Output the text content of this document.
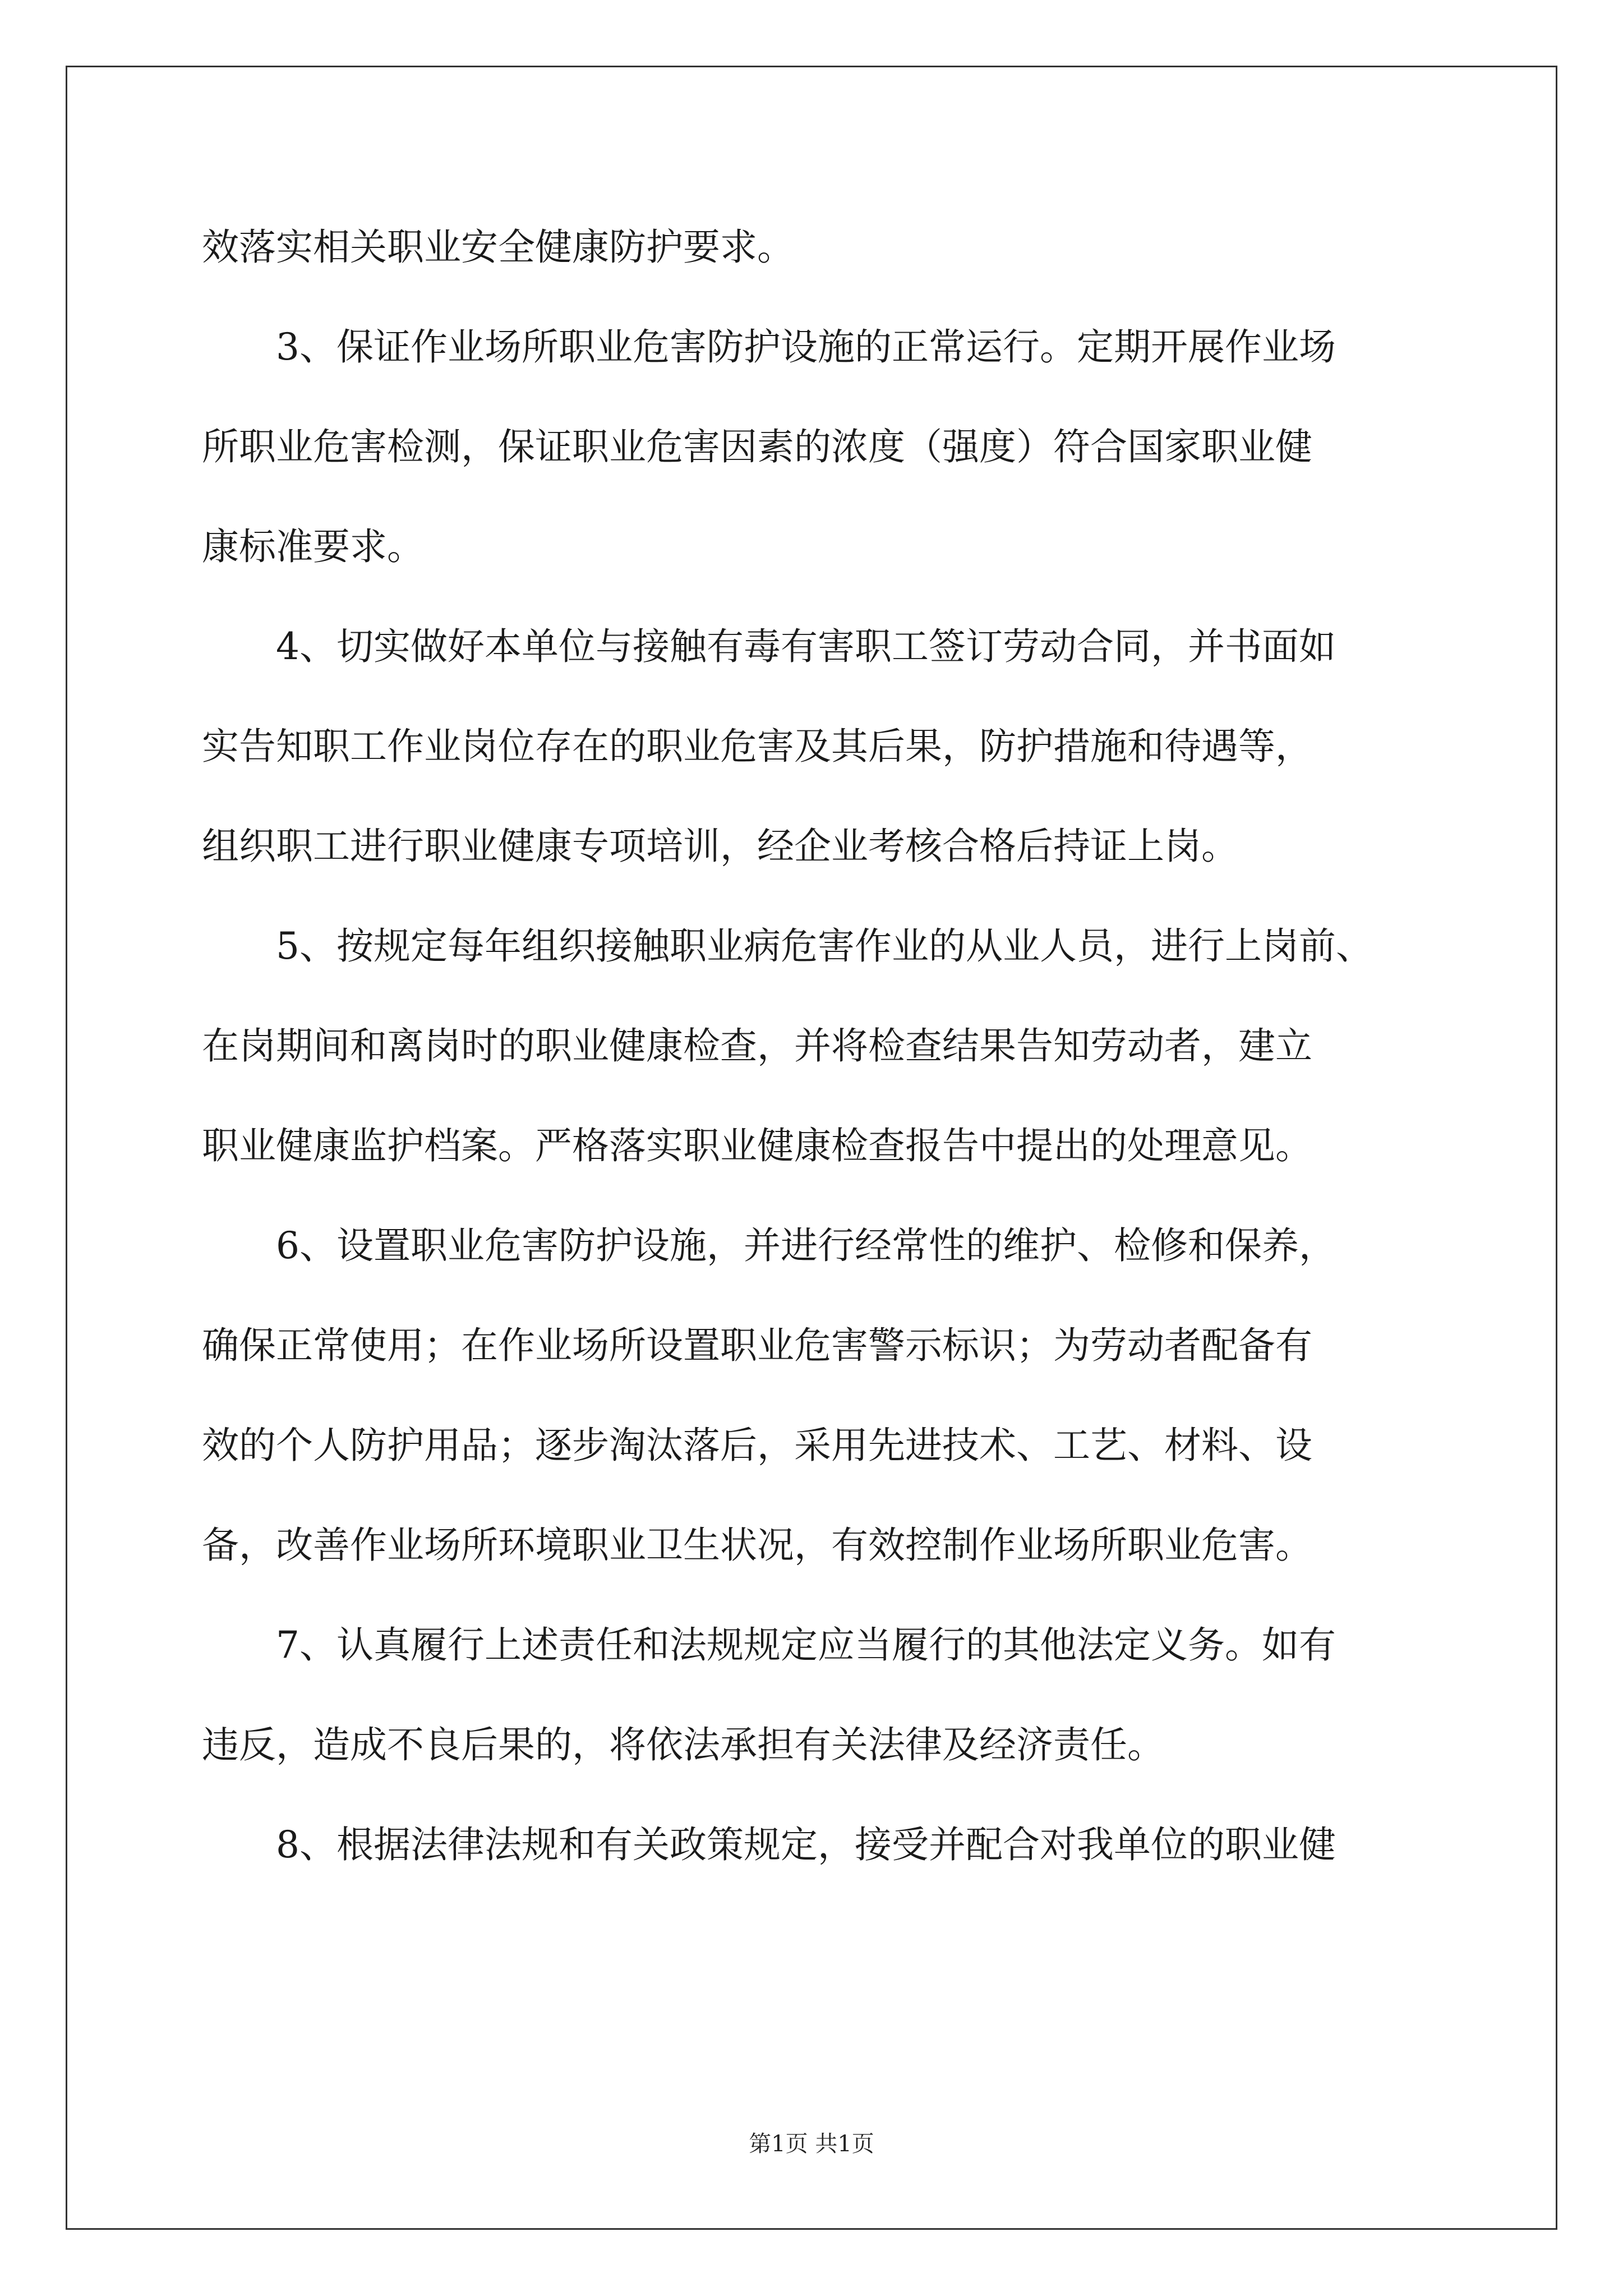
效落实相关职业安全健康防护要求。
3、保证作业场所职业危害防护设施的正常运行。定期开展作业场
所职业危害检测，保证职业危害因素的浓度（强度）符合国家职业健
康标准要求。
4、切实做好本单位与接触有毒有害职工签订劳动合同，并书面如
实告知职工作业岗位存在的职业危害及其后果，防护措施和待遇等，
组织职工进行职业健康专项培训，经企业考核合格后持证上岗。
5、按规定每年组织接触职业病危害作业的从业人员，进行上岗前、
在岗期间和离岗时的职业健康检查，并将检查结果告知劳动者，建立
职业健康监护档案。严格落实职业健康检查报告中提出的处理意见。
6、设置职业危害防护设施，并进行经常性的维护、检修和保养，
确保正常使用；在作业场所设置职业危害警示标识；为劳动者配备有
效的个人防护用品；逐步淘汰落后，采用先进技术、工艺、材料、设
备，改善作业场所环境职业卫生状况，有效控制作业场所职业危害。
7、认真履行上述责任和法规规定应当履行的其他法定义务。如有
违反，造成不良后果的，将依法承担有关法律及经济责任。
8、根据法律法规和有关政策规定，接受并配合对我单位的职业健
第1页 共1页
